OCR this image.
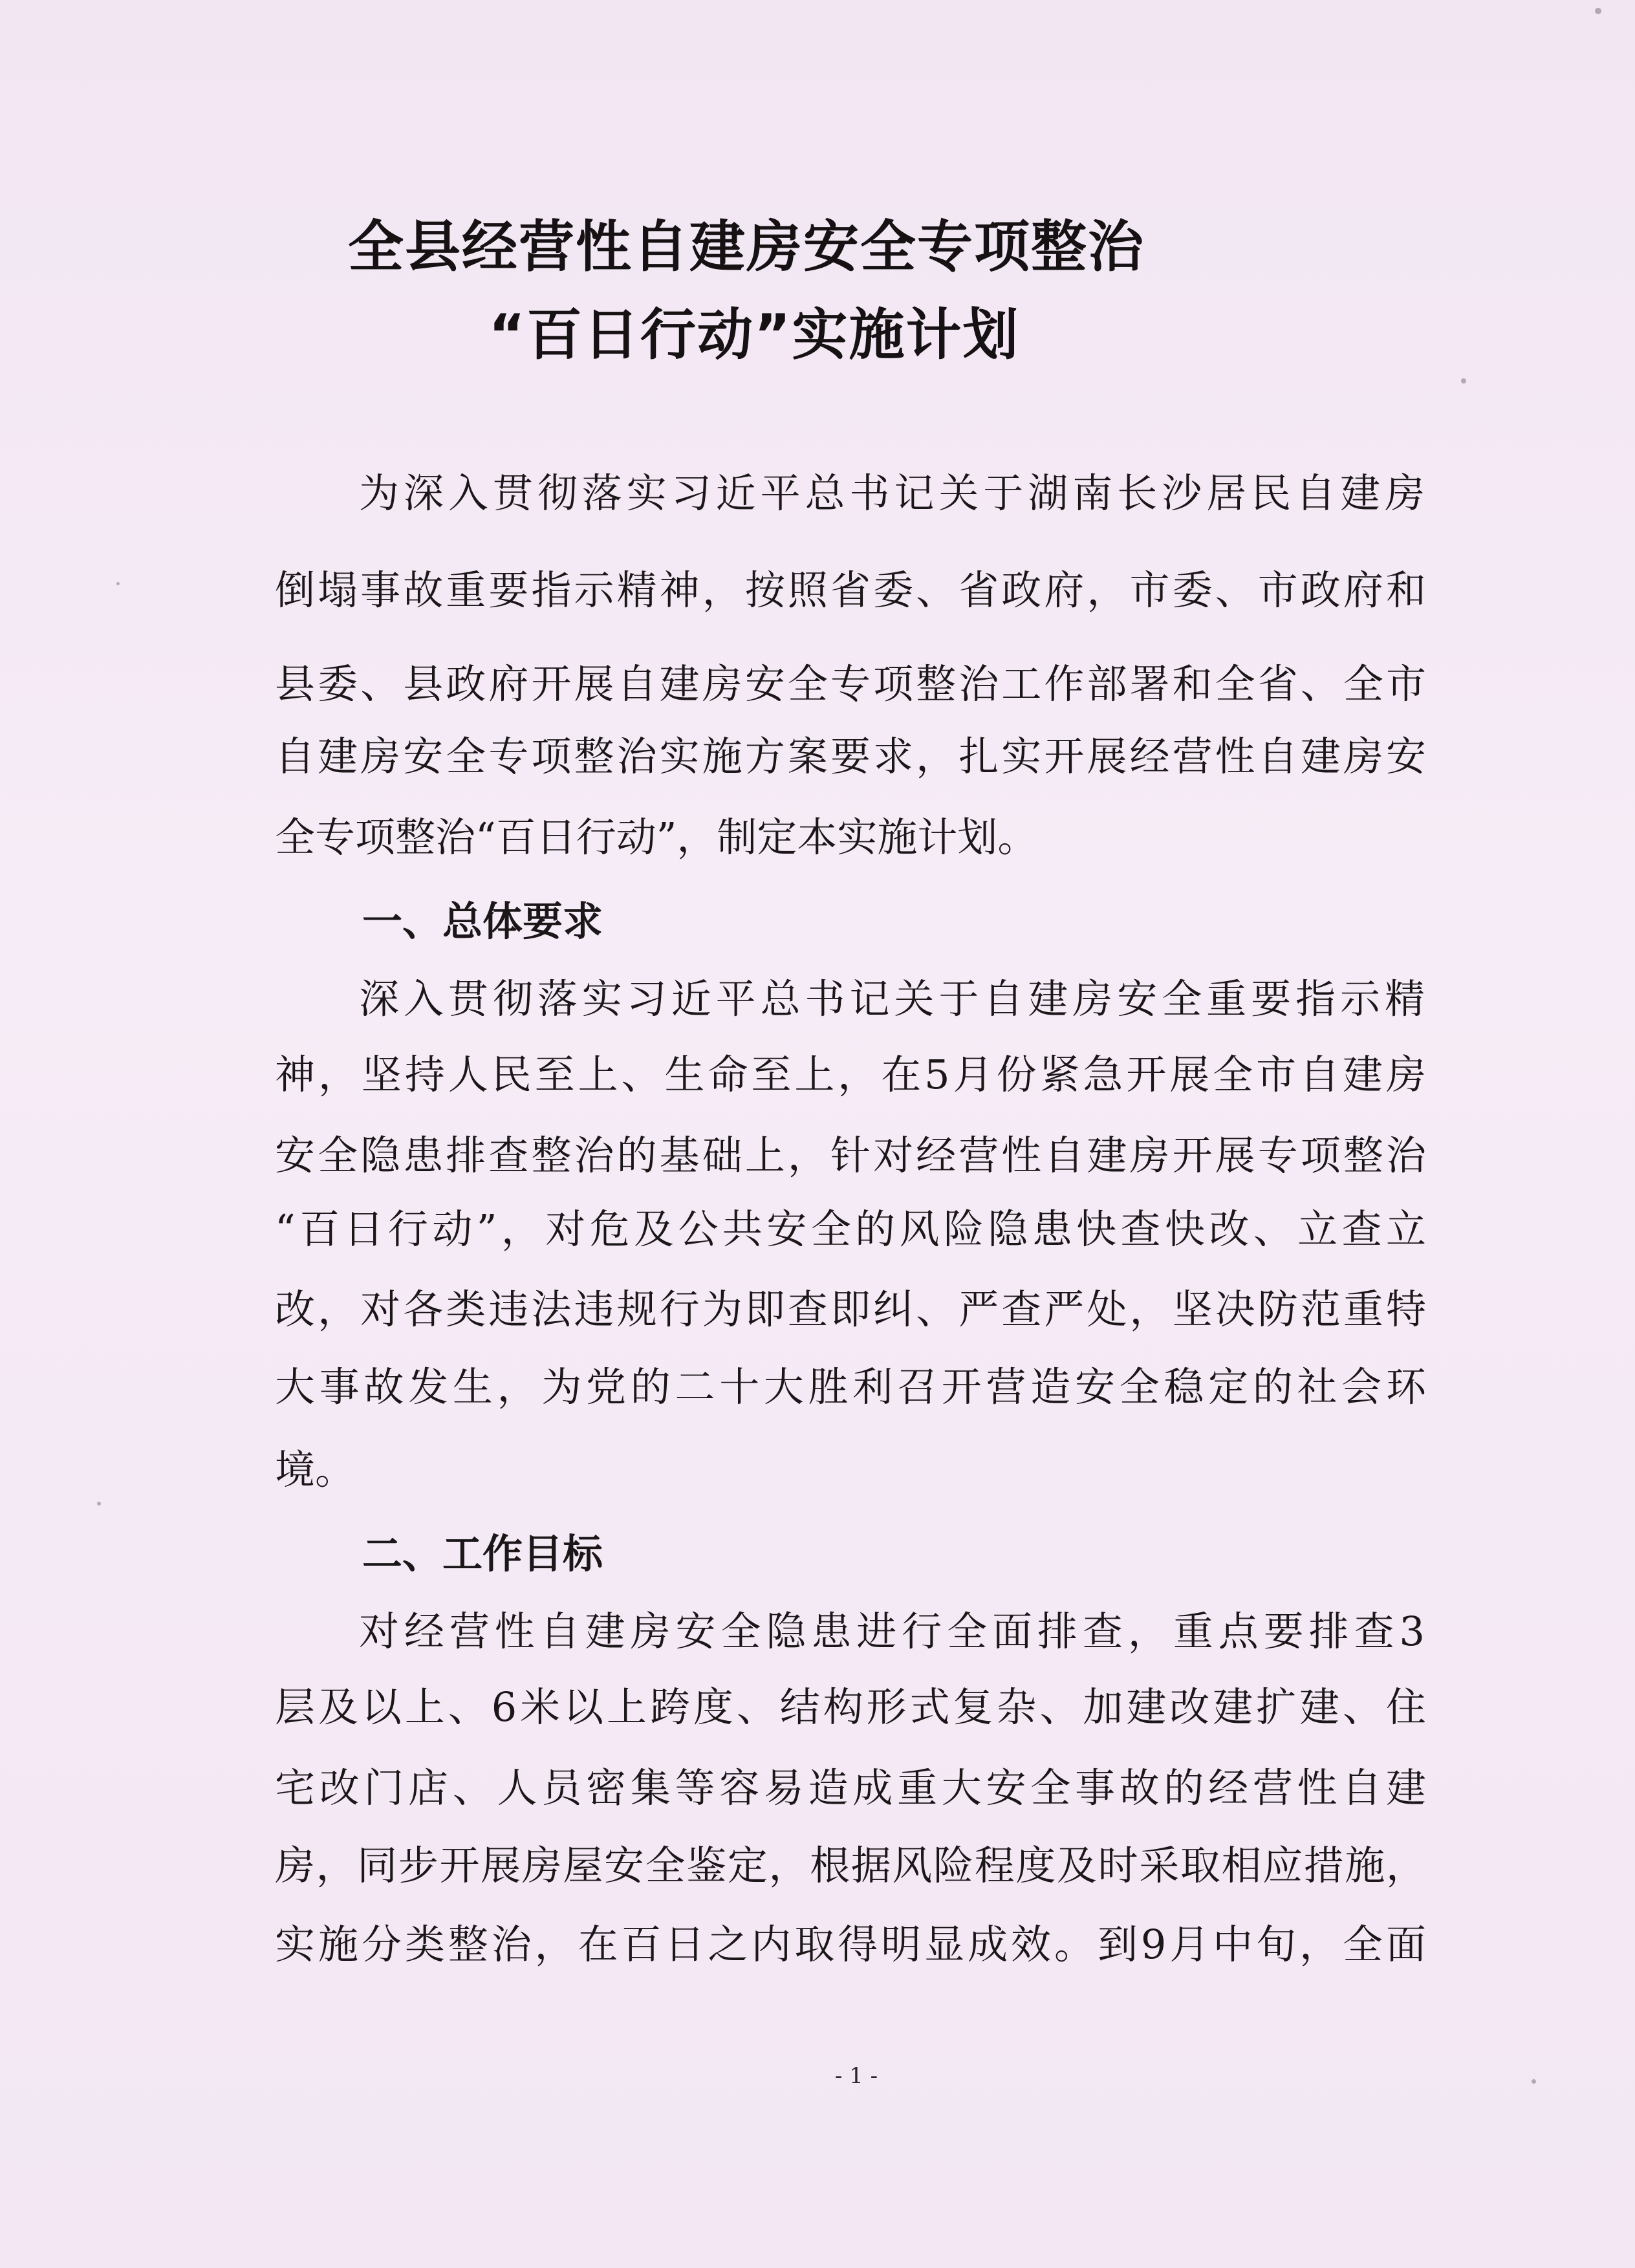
全县经营性自建房安全专项整治
“百日行动”实施计划
为深入贯彻落实习近平总书记关于湖南长沙居民自建房
倒塌事故重要指示精神，按照省委、省政府，市委、市政府和
县委、县政府开展自建房安全专项整治工作部署和全省、全市
自建房安全专项整治实施方案要求，扎实开展经营性自建房安
全专项整治“百日行动”，制定本实施计划。
一、总体要求
深入贯彻落实习近平总书记关于自建房安全重要指示精
神，坚持人民至上、生命至上，在5月份紧急开展全市自建房
安全隐患排查整治的基础上，针对经营性自建房开展专项整治
“百日行动”，对危及公共安全的风险隐患快查快改、立查立
改，对各类违法违规行为即查即纠、严查严处，坚决防范重特
大事故发生，为党的二十大胜利召开营造安全稳定的社会环
境。
二、工作目标
对经营性自建房安全隐患进行全面排查，重点要排查3
层及以上、6米以上跨度、结构形式复杂、加建改建扩建、住
宅改门店、人员密集等容易造成重大安全事故的经营性自建
房，同步开展房屋安全鉴定，根据风险程度及时采取相应措施，
实施分类整治，在百日之内取得明显成效。到9月中旬，全面
- 1 -
